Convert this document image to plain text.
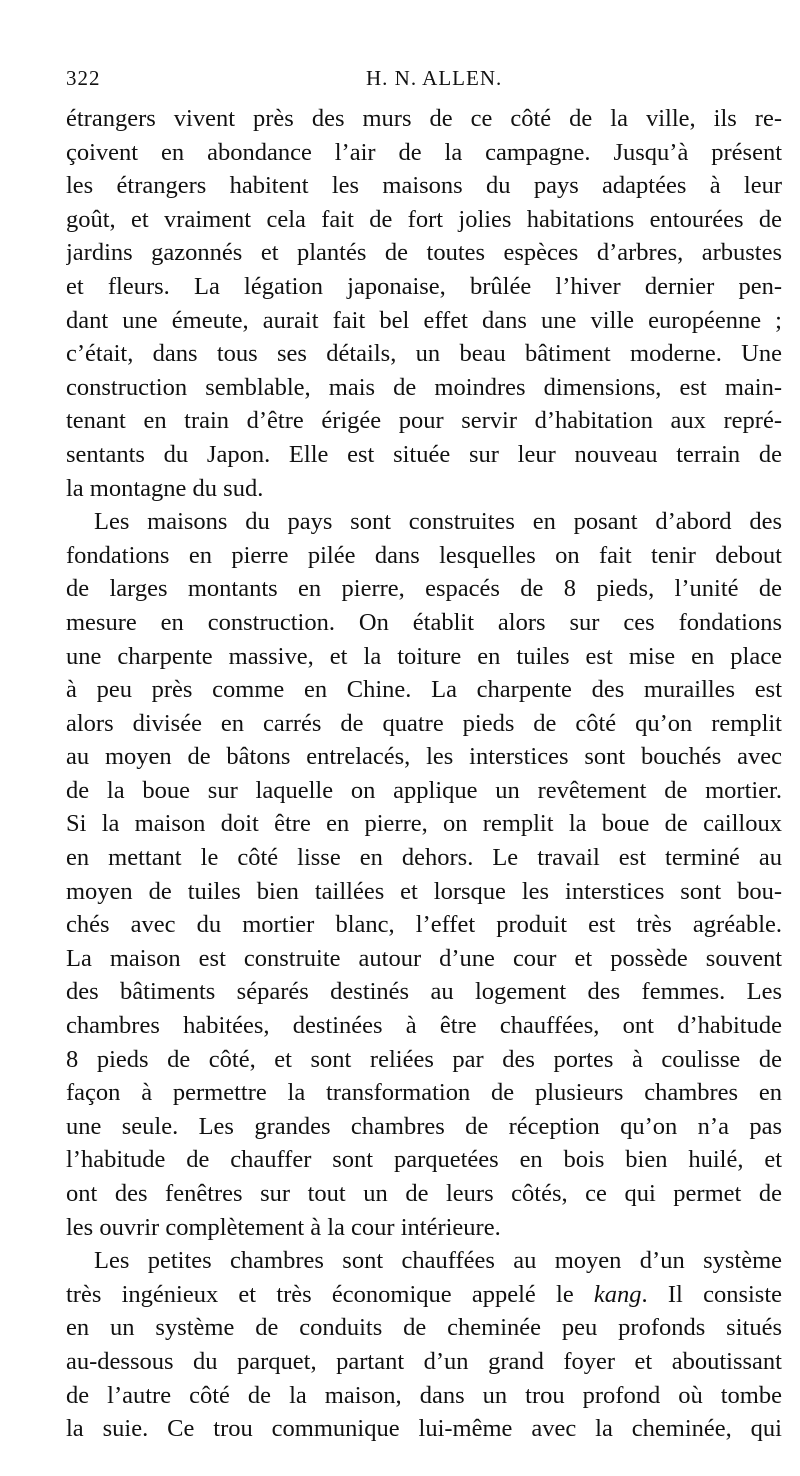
322	H. N. ALLEN.
étrangers vivent près des murs de ce côté de la ville, ils re-
çoivent en abondance l’air de la campagne. Jusqu’à présent
les étrangers habitent les maisons du pays adaptées à leur
goût, et vraiment cela fait de fort jolies habitations entourées de
jardins gazonnés et plantés de toutes espèces d’arbres, arbustes
et fleurs. La légation japonaise, brûlée l’hiver dernier pen-
dant une émeute, aurait fait bel effet dans une ville européenne ;
c’était, dans tous ses détails, un beau bâtiment moderne. Une
construction semblable, mais de moindres dimensions, est main-
tenant en train d’être érigée pour servir d’habitation aux repré-
sentants du Japon. Elle est située sur leur nouveau terrain de
la montagne du sud.
Les maisons du pays sont construites en posant d’abord des
fondations en pierre pilée dans lesquelles on fait tenir debout
de larges montants en pierre, espacés de 8 pieds, l’unité de
mesure en construction. On établit alors sur ces fondations
une charpente massive, et la toiture en tuiles est mise en place
à peu près comme en Chine. La charpente des murailles est
alors divisée en carrés de quatre pieds de côté qu’on remplit
au moyen de bâtons entrelacés, les interstices sont bouchés avec
de la boue sur laquelle on applique un revêtement de mortier.
Si la maison doit être en pierre, on remplit la boue de cailloux
en mettant le côté lisse en dehors. Le travail est terminé au
moyen de tuiles bien taillées et lorsque les interstices sont bou-
chés avec du mortier blanc, l’effet produit est très agréable.
La maison est construite autour d’une cour et possède souvent
des bâtiments séparés destinés au logement des femmes. Les
chambres habitées, destinées à être chauffées, ont d’habitude
8 pieds de côté, et sont reliées par des portes à coulisse de
façon à permettre la transformation de plusieurs chambres en
une seule. Les grandes chambres de réception qu’on n’a pas
l’habitude de chauffer sont parquetées en bois bien huilé, et
ont des fenêtres sur tout un de leurs côtés, ce qui permet de
les ouvrir complètement à la cour intérieure.
Les petites chambres sont chauffées au moyen d’un système
très ingénieux et très économique appelé le kang. Il consiste
en un système de conduits de cheminée peu profonds situés
au-dessous du parquet, partant d’un grand foyer et aboutissant
de l’autre côté de la maison, dans un trou profond où tombe
la suie. Ce trou communique lui-même avec la cheminée, qui
